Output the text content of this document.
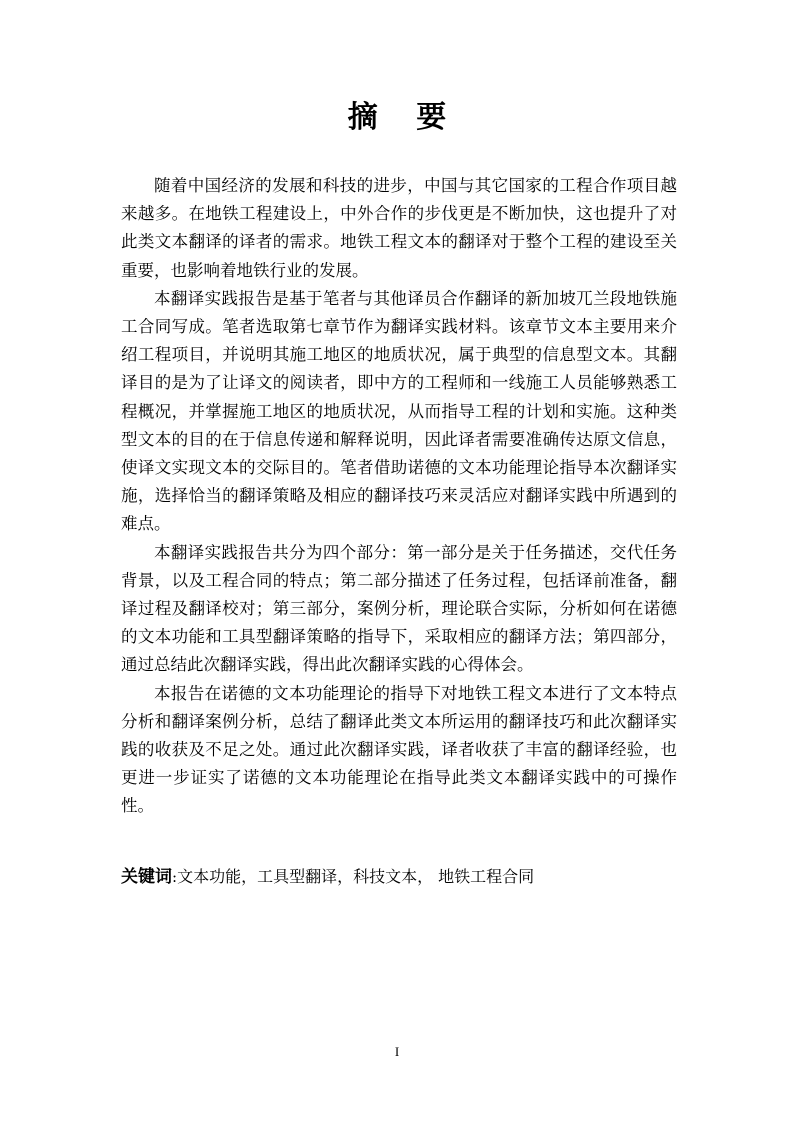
摘 要

随着中国经济的发展和科技的进步，中国与其它国家的工程合作项目越来越多。在地铁工程建设上，中外合作的步伐更是不断加快，这也提升了对此类文本翻译的译者的需求。地铁工程文本的翻译对于整个工程的建设至关重要，也影响着地铁行业的发展。

本翻译实践报告是基于笔者与其他译员合作翻译的新加坡兀兰段地铁施工合同写成。笔者选取第七章节作为翻译实践材料。该章节文本主要用来介绍工程项目，并说明其施工地区的地质状况，属于典型的信息型文本。其翻译目的是为了让译文的阅读者，即中方的工程师和一线施工人员能够熟悉工程概况，并掌握施工地区的地质状况，从而指导工程的计划和实施。这种类型文本的目的在于信息传递和解释说明，因此译者需要准确传达原文信息，使译文实现文本的交际目的。笔者借助诺德的文本功能理论指导本次翻译实施，选择恰当的翻译策略及相应的翻译技巧来灵活应对翻译实践中所遇到的难点。

本翻译实践报告共分为四个部分：第一部分是关于任务描述，交代任务背景，以及工程合同的特点；第二部分描述了任务过程，包括译前准备，翻译过程及翻译校对；第三部分，案例分析，理论联合实际，分析如何在诺德的文本功能和工具型翻译策略的指导下，采取相应的翻译方法；第四部分，通过总结此次翻译实践，得出此次翻译实践的心得体会。

本报告在诺德的文本功能理论的指导下对地铁工程文本进行了文本特点分析和翻译案例分析，总结了翻译此类文本所运用的翻译技巧和此次翻译实践的收获及不足之处。通过此次翻译实践，译者收获了丰富的翻译经验，也更进一步证实了诺德的文本功能理论在指导此类文本翻译实践中的可操作性。

关键词:文本功能，工具型翻译，科技文本， 地铁工程合同
I
